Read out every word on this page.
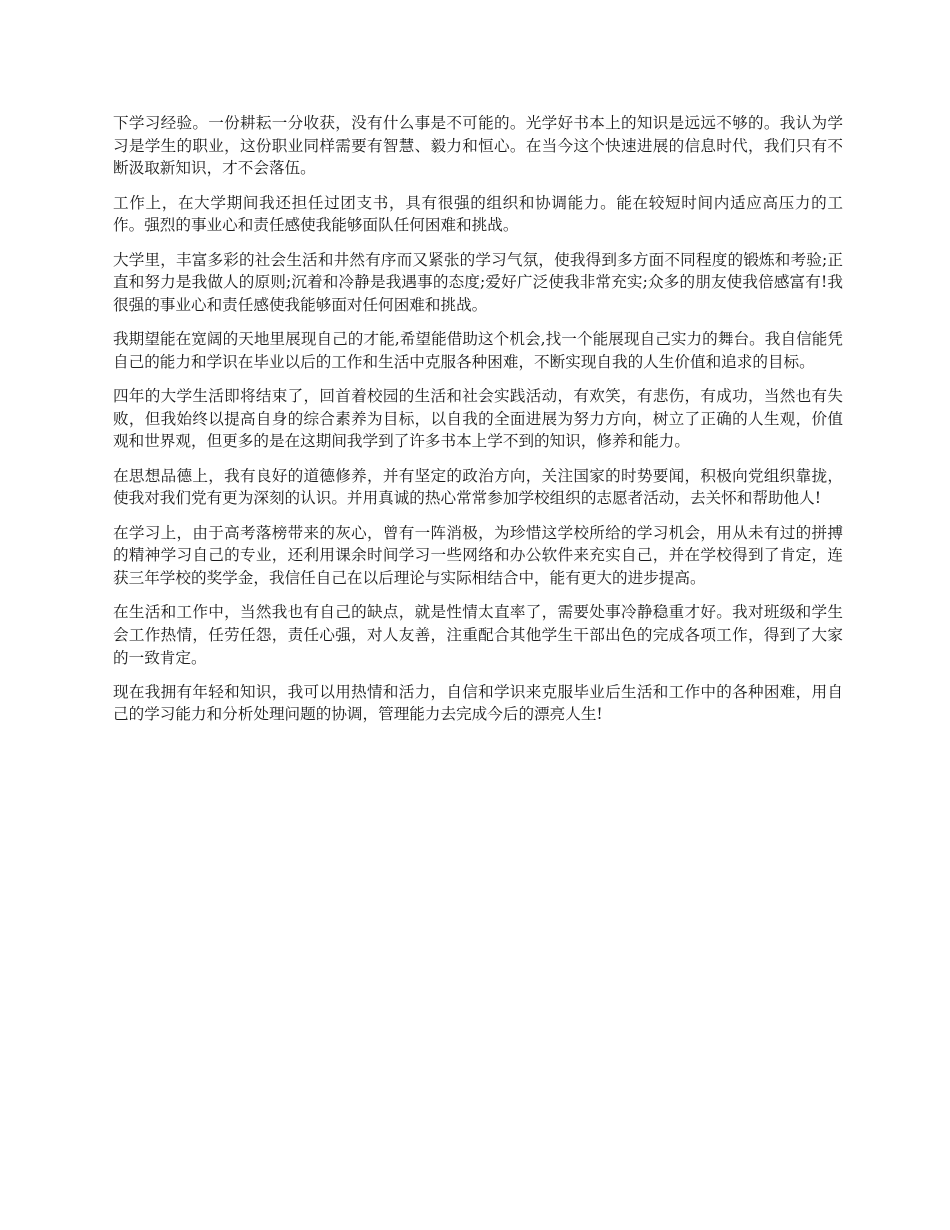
下学习经验。一份耕耘一分收获，没有什么事是不可能的。光学好书本上的知识是远远不够的。我认为学习是学生的职业，这份职业同样需要有智慧、毅力和恒心。在当今这个快速进展的信息时代，我们只有不断汲取新知识，才不会落伍。

工作上，在大学期间我还担任过团支书，具有很强的组织和协调能力。能在较短时间内适应高压力的工作。强烈的事业心和责任感使我能够面队任何困难和挑战。

大学里，丰富多彩的社会生活和井然有序而又紧张的学习气氛，使我得到多方面不同程度的锻炼和考验;正直和努力是我做人的原则;沉着和冷静是我遇事的态度;爱好广泛使我非常充实;众多的朋友使我倍感富有!我很强的事业心和责任感使我能够面对任何困难和挑战。

我期望能在宽阔的天地里展现自己的才能,希望能借助这个机会,找一个能展现自己实力的舞台。我自信能凭自己的能力和学识在毕业以后的工作和生活中克服各种困难，不断实现自我的人生价值和追求的目标。

四年的大学生活即将结束了，回首着校园的生活和社会实践活动，有欢笑，有悲伤，有成功，当然也有失败，但我始终以提高自身的综合素养为目标，以自我的全面进展为努力方向，树立了正确的人生观，价值观和世界观，但更多的是在这期间我学到了许多书本上学不到的知识，修养和能力。

在思想品德上，我有良好的道德修养，并有坚定的政治方向，关注国家的时势要闻，积极向党组织靠拢，使我对我们党有更为深刻的认识。并用真诚的热心常常参加学校组织的志愿者活动，去关怀和帮助他人!

在学习上，由于高考落榜带来的灰心，曾有一阵消极，为珍惜这学校所给的学习机会，用从未有过的拼搏的精神学习自己的专业，还利用课余时间学习一些网络和办公软件来充实自己，并在学校得到了肯定，连获三年学校的奖学金，我信任自己在以后理论与实际相结合中，能有更大的进步提高。

在生活和工作中，当然我也有自己的缺点，就是性情太直率了，需要处事冷静稳重才好。我对班级和学生会工作热情，任劳任怨，责任心强，对人友善，注重配合其他学生干部出色的完成各项工作，得到了大家的一致肯定。

现在我拥有年轻和知识，我可以用热情和活力，自信和学识来克服毕业后生活和工作中的各种困难，用自己的学习能力和分析处理问题的协调，管理能力去完成今后的漂亮人生!
